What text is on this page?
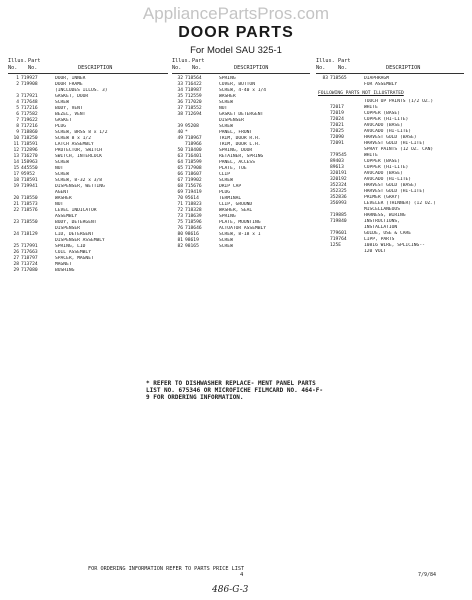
AppliancePartsPros.com
DOOR PARTS
For Model SAU 325-1
Illus. Part
No. No.	DESCRIPTION
1 719927	DOOR, INNER
2 719908	DOOR FRAME
(INCLUDES ILLUS. 3)
3 717921	GASKET, DOOR
4 717648	SCREW
5 717216	BODY, VENT
6 717582	BEZEL, VENT
7 719622	GASKET
8 717216	PLUG
9 718860	SCREW, BRSS 8 x 1/2
10 718250	SCREW 8 x 1/2
11 718591	LATCH ASSEMBLY
12 712896	PROTECTOR, SWITCH
13 716270	SWITCH, INTERLOCK
14 158963	SCREW
15 445550	NUT
17 95952	SCREW
18 718591	SCREW, 8-32 x 3/8
19 719941	DISPENSER, WETTING
AGENT
20 718550	WASHER
21 718573	NUT
22 718576	LEVEL INDICATOR
ASSEMBLY
23 718550	BODY, DETERGENT
DISPENSER
24 718129	LID, DETERGENT
DISPENSER ASSEMBLY
25 717991	SPRING, LID
26 717663	COIL ASSEMBLY
27 718797	SPACER, MAGNET
28 713724	MAGNET
29 717080	BUSHING
Illus. Part
No. No.	DESCRIPTION
32 718564	SPRING
33 716422	COVER, BUTTON
34 718987	SCREW, 4-40 x 1/4
35 712559	WASHER
36 717020	SCREW
37 718552	NUT
38 712694	GASKET DETERGENT
DISPENSER
39 95208	SCREW
40 *	PANEL, FRONT
49 718967	TRIM, DOOR R.H.
718966	TRIM, DOOR L.H.
50 718400	SPRING, DOOR
63 716401	RETAINER, SPRING
64 718599	PANEL, ACCESS
65 717908	PLATE, TOE
66 718607	CLIP
67 719902	SCREW
68 715676	DRIP CAP
69 719419	PLUG
70 95614	TERMINAL
71 718823	CLIP, GROUND
72 718328	WASHER, SEAL
73 718639	SPRING
75 718596	PLATE, MOUNTING
76 718646	ACTUATOR ASSEMBLY
80 98616	SCREW, 8-18 x 1
81 98619	SCREW
82 98165	SCREW
Illus. Part
No. No.	DESCRIPTION
83 718565	DIAPHRAGM
FOR ASSEMBLY
FOLLOWING PARTS NOT ILLUSTRATED
TOUCH UP PAINTS (1/2 OZ.)
72017	WHITE
72019	COPPER (BASE)
72024	COPPER (HI-LITE)
72021	AVOCADO (BASE)
72025	AVOCADO (HI-LITE)
72090	HARVEST GOLD (BASE)
72091	HARVEST GOLD (HI-LITE)
SPRAY PAINTS (12 OZ. CAN)
779545	WHITE
89403	COPPER (BASE)
89613	COPPER (HI-LITE)
320191	AVOCADO (BASE)
320192	AVOCADO (HI-LITE)
352324	HARVEST GOLD (BASE)
352325	HARVEST GOLD (HI-LITE)
352836	PRIMER (GRAY)
356993	LEVELER (THINNER) (12 OZ.)
MISCELLANEOUS
719885	HARNESS, WIRING
719840	INSTRUCTIONS,
INSTALLATION
779601	GUIDE, USE & CARE
719764	LIPP, PARTS
125E	10816 WIRE, SPLICING--
120 VOLT
* REFER TO DISHWASHER REPLACE- MENT PANEL PARTS LIST NO. 675346 OR MICROFICHE FILMCARD NO. 464-F-9 FOR ORDERING INFORMATION.
FOR ORDERING INFORMATION REFER TO PARTS PRICE LIST
4	7/9/84
486-G-3
